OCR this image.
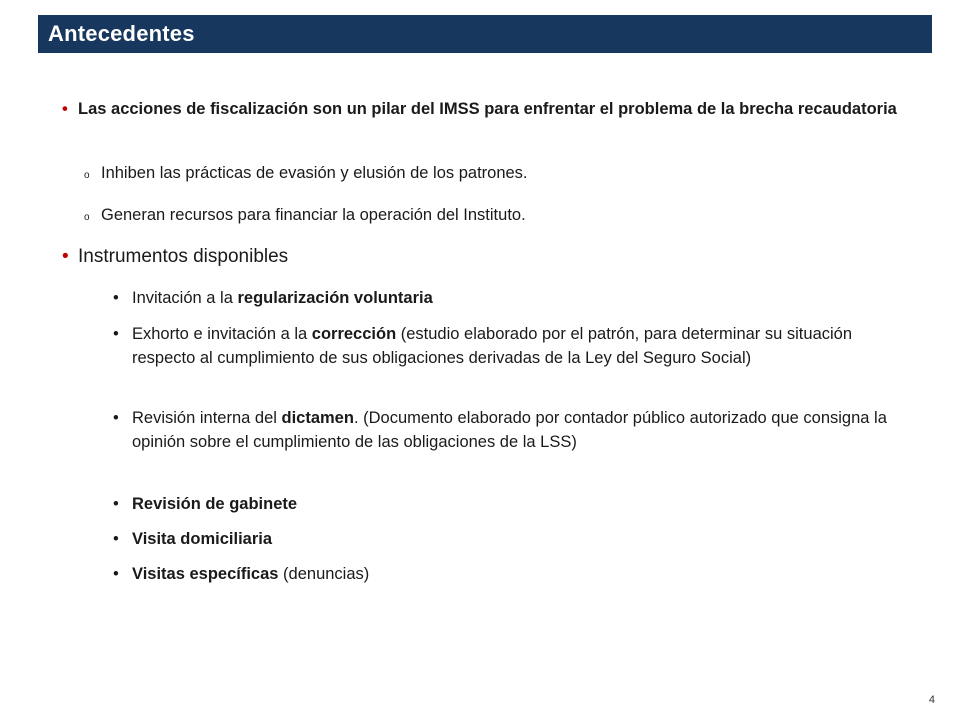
Antecedentes
• Las acciones de fiscalización son un pilar del IMSS para enfrentar el problema de la brecha recaudatoria
o Inhiben las prácticas de evasión y elusión de los patrones.
o Generan recursos para financiar la operación del Instituto.
• Instrumentos disponibles
• Invitación a la regularización voluntaria
• Exhorto e invitación a la corrección (estudio elaborado por el patrón, para determinar su situación respecto al cumplimiento de sus obligaciones derivadas de la Ley del Seguro Social)
• Revisión interna del dictamen. (Documento elaborado por contador público autorizado que consigna la opinión sobre el cumplimiento de las obligaciones de la LSS)
• Revisión de gabinete
• Visita domiciliaria
• Visitas específicas (denuncias)
4
